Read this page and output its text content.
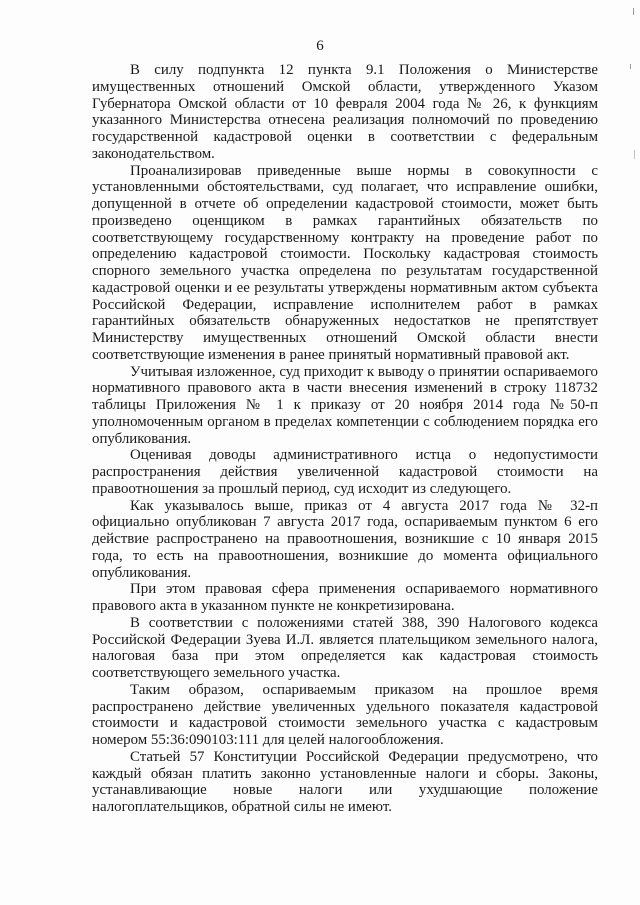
6

В силу подпункта 12 пункта 9.1 Положения о Министерстве имущественных отношений Омской области, утвержденного Указом Губернатора Омской области от 10 февраля 2004 года № 26, к функциям указанного Министерства отнесена реализация полномочий по проведению государственной кадастровой оценки в соответствии с федеральным законодательством.

Проанализировав приведенные выше нормы в совокупности с установленными обстоятельствами, суд полагает, что исправление ошибки, допущенной в отчете об определении кадастровой стоимости, может быть произведено оценщиком в рамках гарантийных обязательств по соответствующему государственному контракту на проведение работ по определению кадастровой стоимости. Поскольку кадастровая стоимость спорного земельного участка определена по результатам государственной кадастровой оценки и ее результаты утверждены нормативным актом субъекта Российской Федерации, исправление исполнителем работ в рамках гарантийных обязательств обнаруженных недостатков не препятствует Министерству имущественных отношений Омской области внести соответствующие изменения в ранее принятый нормативный правовой акт.

Учитывая изложенное, суд приходит к выводу о принятии оспариваемого нормативного правового акта в части внесения изменений в строку 118732 таблицы Приложения № 1 к приказу от 20 ноября 2014 года №50-п уполномоченным органом в пределах компетенции с соблюдением порядка его опубликования.

Оценивая доводы административного истца о недопустимости распространения действия увеличенной кадастровой стоимости на правоотношения за прошлый период, суд исходит из следующего.

Как указывалось выше, приказ от 4 августа 2017 года № 32-п официально опубликован 7 августа 2017 года, оспариваемым пунктом 6 его действие распространено на правоотношения, возникшие с 10 января 2015 года, то есть на правоотношения, возникшие до момента официального опубликования.

При этом правовая сфера применения оспариваемого нормативного правового акта в указанном пункте не конкретизирована.

В соответствии с положениями статей 388, 390 Налогового кодекса Российской Федерации Зуева И.Л. является плательщиком земельного налога, налоговая база при этом определяется как кадастровая стоимость соответствующего земельного участка.

Таким образом, оспариваемым приказом на прошлое время распространено действие увеличенных удельного показателя кадастровой стоимости и кадастровой стоимости земельного участка с кадастровым номером 55:36:090103:111 для целей налогообложения.

Статьей 57 Конституции Российской Федерации предусмотрено, что каждый обязан платить законно установленные налоги и сборы. Законы, устанавливающие новые налоги или ухудшающие положение налогоплательщиков, обратной силы не имеют.
